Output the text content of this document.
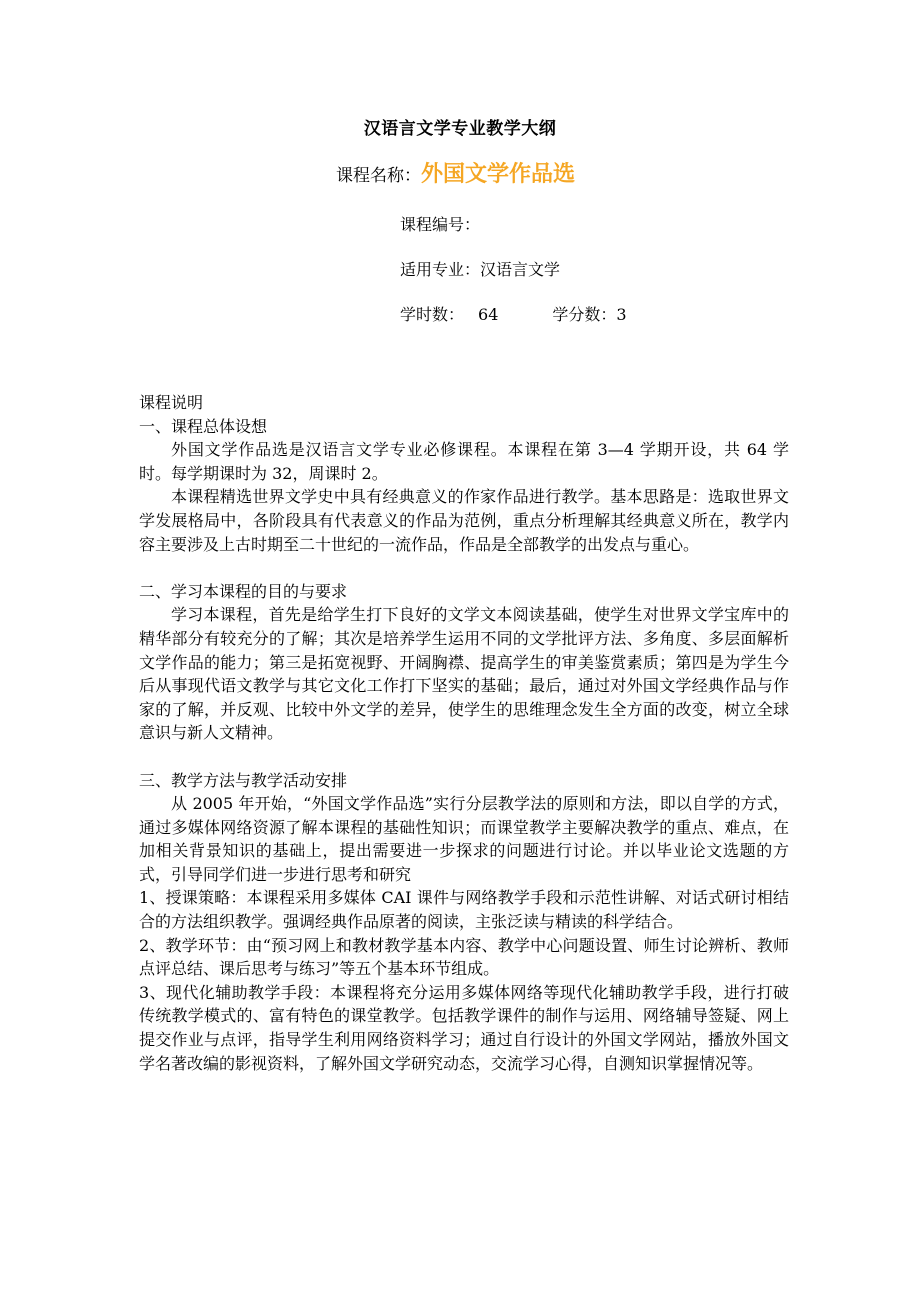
汉语言文学专业教学大纲
课程名称：外国文学作品选
课程编号：
适用专业：汉语言文学
学时数： 64	学分数：3

课程说明

一、课程总体设想

外国文学作品选是汉语言文学专业必修课程。本课程在第 3—4 学期开设，共 64 学时。每学期课时为 32，周课时 2。

本课程精选世界文学史中具有经典意义的作家作品进行教学。基本思路是：选取世界文学发展格局中，各阶段具有代表意义的作品为范例，重点分析理解其经典意义所在，教学内容主要涉及上古时期至二十世纪的一流作品，作品是全部教学的出发点与重心。

二、学习本课程的目的与要求

学习本课程，首先是给学生打下良好的文学文本阅读基础，使学生对世界文学宝库中的精华部分有较充分的了解；其次是培养学生运用不同的文学批评方法、多角度、多层面解析文学作品的能力；第三是拓宽视野、开阔胸襟、提高学生的审美鉴赏素质；第四是为学生今后从事现代语文教学与其它文化工作打下坚实的基础；最后，通过对外国文学经典作品与作家的了解，并反观、比较中外文学的差异，使学生的思维理念发生全方面的改变，树立全球意识与新人文精神。

三、教学方法与教学活动安排

从 2005 年开始，“外国文学作品选”实行分层教学法的原则和方法，即以自学的方式，通过多媒体网络资源了解本课程的基础性知识；而课堂教学主要解决教学的重点、难点，在加相关背景知识的基础上，提出需要进一步探求的问题进行讨论。并以毕业论文选题的方式，引导同学们进一步进行思考和研究

1、授课策略：本课程采用多媒体 CAI 课件与网络教学手段和示范性讲解、对话式研讨相结合的方法组织教学。强调经典作品原著的阅读，主张泛读与精读的科学结合。

2、教学环节：由“预习网上和教材教学基本内容、教学中心问题设置、师生讨论辨析、教师点评总结、课后思考与练习”等五个基本环节组成。

3、现代化辅助教学手段：本课程将充分运用多媒体网络等现代化辅助教学手段，进行打破传统教学模式的、富有特色的课堂教学。包括教学课件的制作与运用、网络辅导签疑、网上提交作业与点评，指导学生利用网络资料学习；通过自行设计的外国文学网站，播放外国文学名著改编的影视资料，了解外国文学研究动态，交流学习心得，自测知识掌握情况等。
